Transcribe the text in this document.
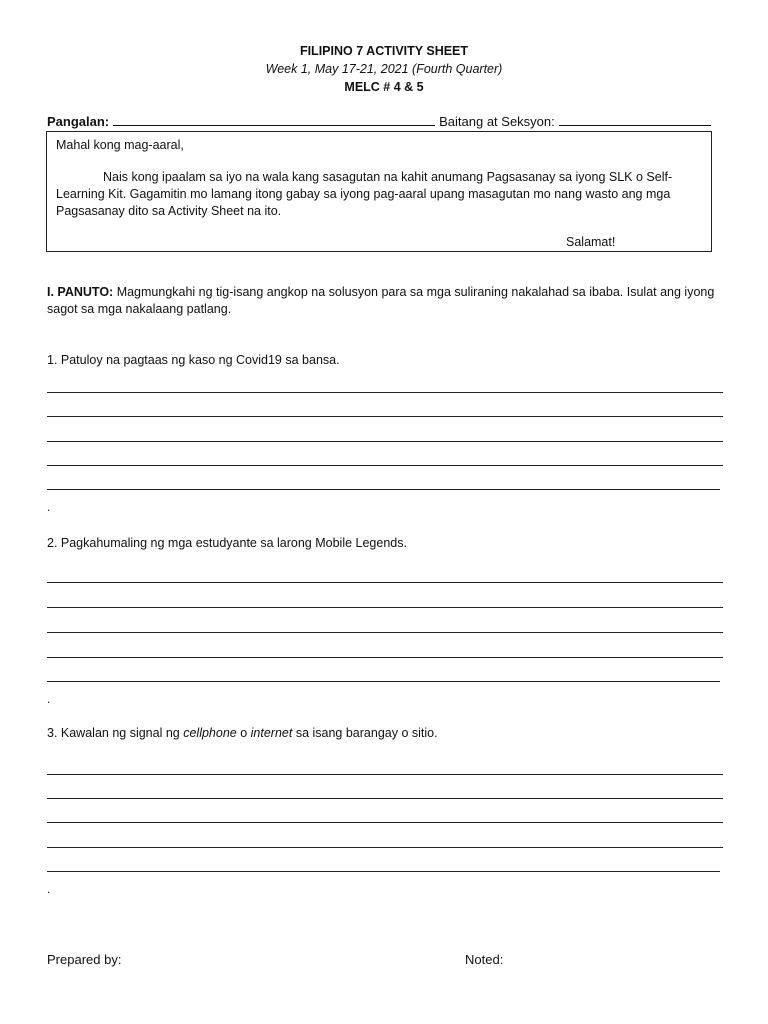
FILIPINO 7 ACTIVITY SHEET
Week 1, May 17-21, 2021 (Fourth Quarter)
MELC # 4 & 5
Pangalan:	Baitang at Seksyon:
Mahal kong mag-aaral,
Nais kong ipaalam sa iyo na wala kang sasagutan na kahit anumang Pagsasanay sa iyong SLK o Self-Learning Kit. Gagamitin mo lamang itong gabay sa iyong pag-aaral upang masagutan mo nang wasto ang mga Pagsasanay dito sa Activity Sheet na ito.
Salamat!
I. PANUTO: Magmungkahi ng tig-isang angkop na solusyon para sa mga suliraning nakalahad sa ibaba. Isulat ang iyong sagot sa mga nakalaang patlang.
1. Patuloy na pagtaas ng kaso ng Covid19 sa bansa.
.
2. Pagkahumaling ng mga estudyante sa larong Mobile Legends.
.
3. Kawalan ng signal ng cellphone o internet sa isang barangay o sitio.
.
Prepared by:	Noted:
